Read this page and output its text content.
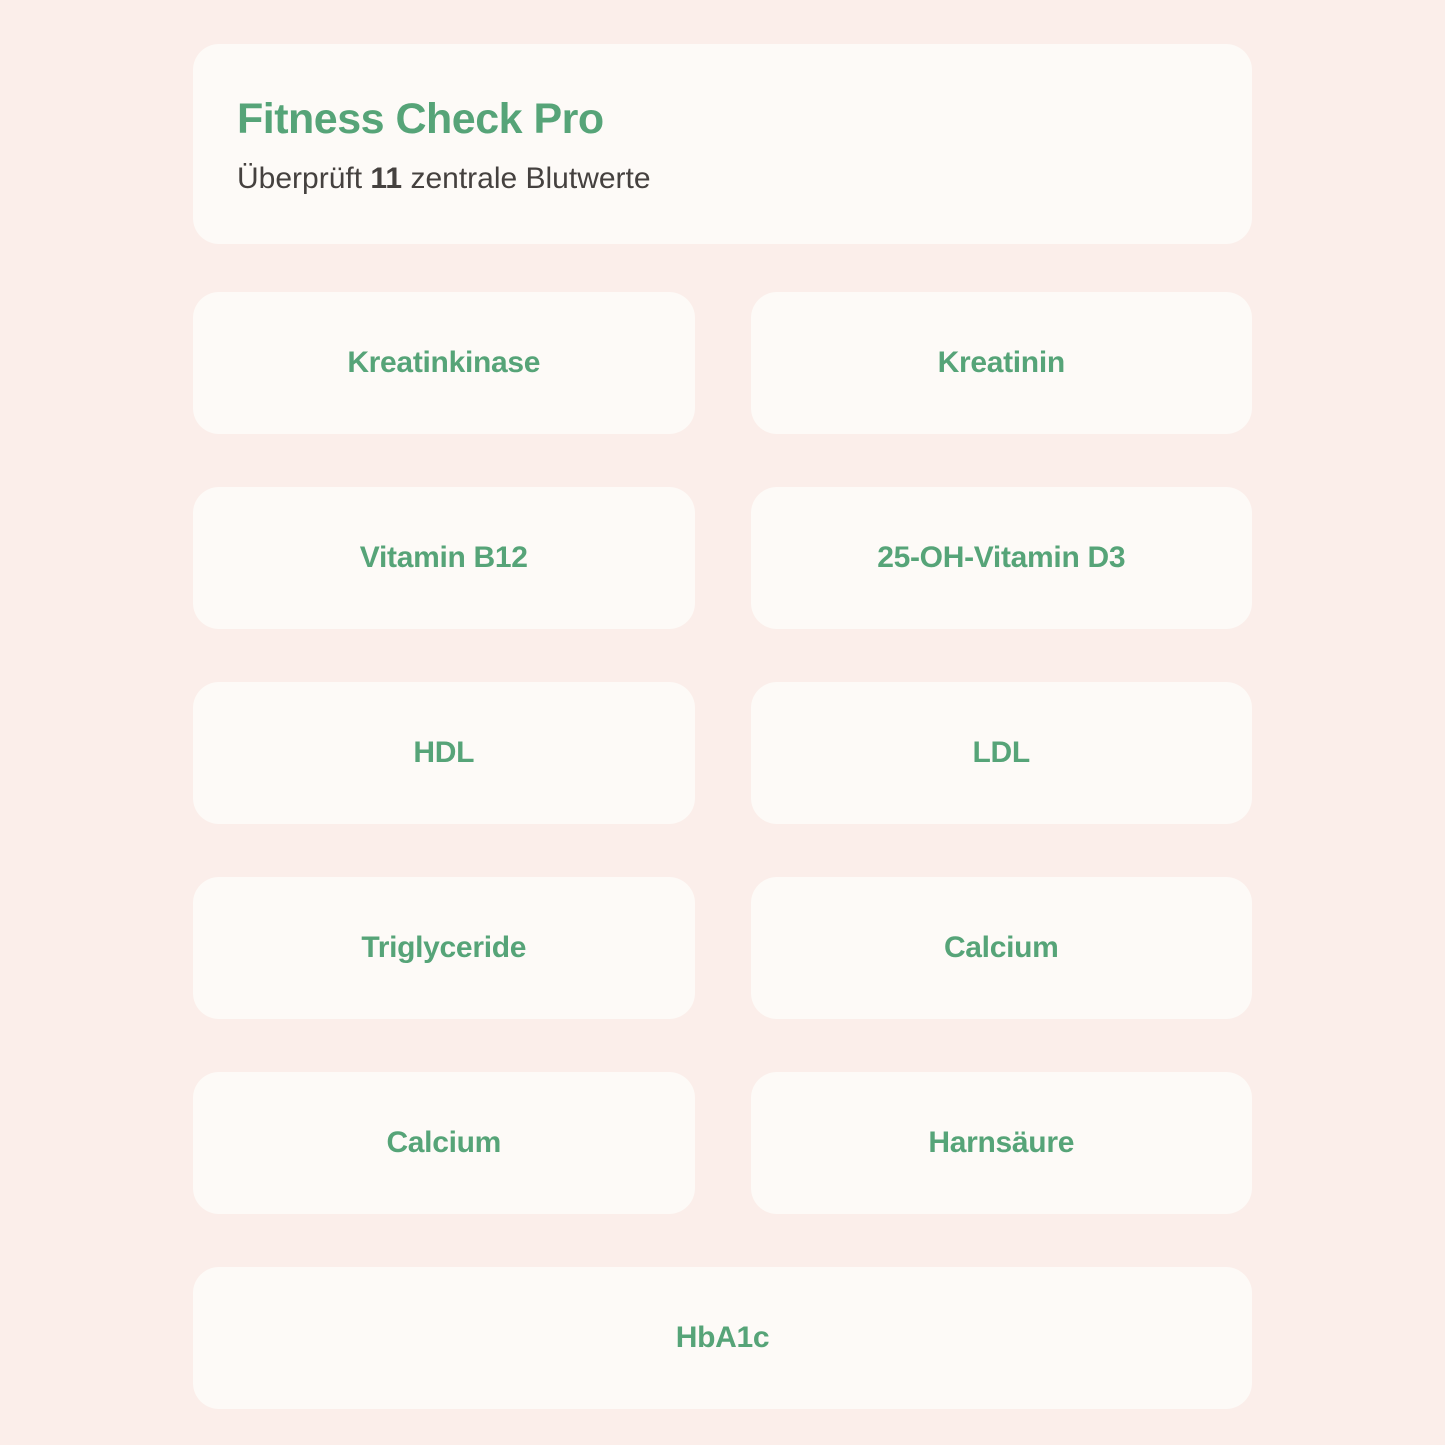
Fitness Check Pro

Überprüft 11 zentrale Blutwerte

Kreatinkinase	Kreatinin
Vitamin B12	25-OH-Vitamin D3
HDL	LDL
Triglyceride	Calcium
Calcium	Harnsäure
HbA1c
